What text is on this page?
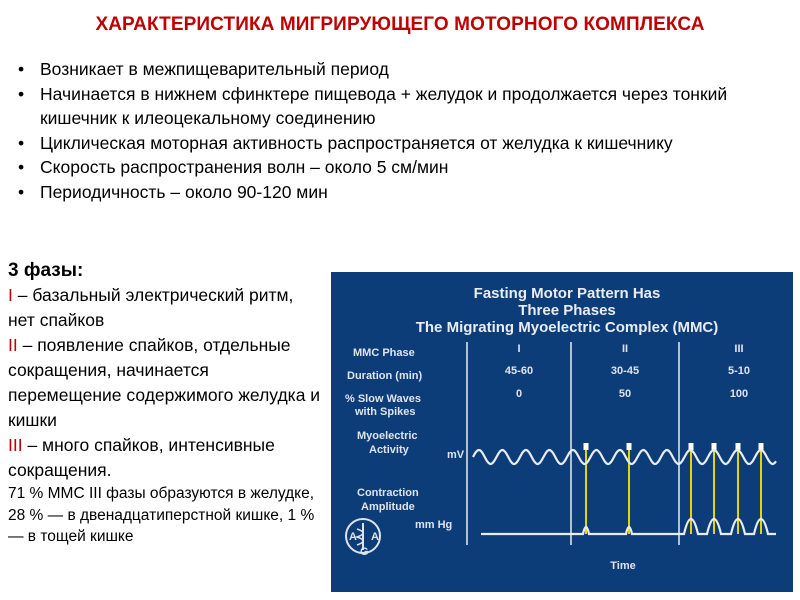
ХАРАКТЕРИСТИКА МИГРИРУЮЩЕГО МОТОРНОГО КОМПЛЕКСА
• Возникает в межпищеварительный период
• Начинается в нижнем сфинктере пищевода + желудок и продолжается через тонкий кишечник к илеоцекальному соединению
• Циклическая моторная активность распространяется от желудка к кишечнику
• Скорость распространения волн – около 5 см/мин
• Периодичность – около 90-120 мин
3 фазы:
I – базальный электрический ритм, нет спайков
II – появление спайков, отдельные сокращения, начинается перемещение содержимого желудка и кишки
III – много спайков, интенсивные сокращения.
71 % ММС III фазы образуются в желудке,
28 % — в двенадцатиперстной кишке, 1 % — в тощей кишке
Fasting Motor Pattern Has
Three Phases
The Migrating Myoelectric Complex (MMC)
MMC Phase
Duration (min)
% Slow Waves
with Spikes
Myoelectric
Activity	mV
Contraction
Amplitude
mm Hg
I
45-60
0
II
30-45
50
III
5-10
100
A A
G
Time
